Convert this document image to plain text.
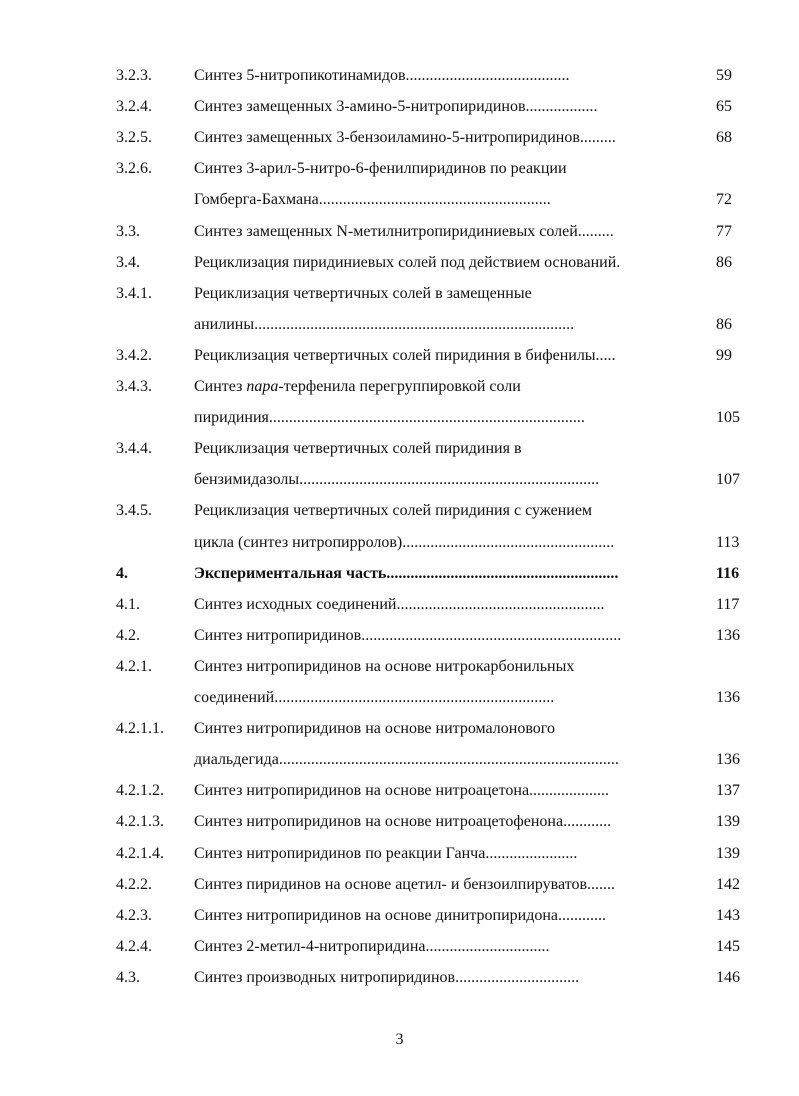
3.2.3.	Синтез 5-нитропикотинамидов.........................................	59
3.2.4.	Синтез замещенных 3-амино-5-нитропиридинов..................	65
3.2.5.	Синтез замещенных 3-бензоиламино-5-нитропиридинов.........	68
3.2.6.	Синтез 3-арил-5-нитро-6-фенилпиридинов по реакции
Гомберга-Бахмана..........................................................	72
3.3.	Синтез замещенных N-метилнитропиридиниевых солей.........	77
3.4.	Рециклизация пиридиниевых солей под действием оснований.	86
3.4.1.	Рециклизация четвертичных солей в замещенные
анилины................................................................................	86
3.4.2.	Рециклизация четвертичных солей пиридиния в бифенилы.....	99
3.4.3.	Синтез пара-терфенила перегруппировкой соли
пиридиния...............................................................................	105
3.4.4.	Рециклизация четвертичных солей пиридиния в
бензимидазолы...........................................................................	107
3.4.5.	Рециклизация четвертичных солей пиридиния с сужением
цикла (синтез нитропирролов).....................................................	113
4.	Экспериментальная часть..........................................................	116
4.1.	Синтез исходных соединений....................................................	117
4.2.	Синтез нитропиридинов.................................................................	136
4.2.1.	Синтез нитропиридинов на основе нитрокарбонильных
соединений......................................................................	136
4.2.1.1. Синтез нитропиридинов на основе нитромалонового
диальдегида.....................................................................................	136
4.2.1.2. Синтез нитропиридинов на основе нитроацетона....................	137
4.2.1.3. Синтез нитропиридинов на основе нитроацетофенона............	139
4.2.1.4. Синтез нитропиридинов по реакции Ганча.......................	139
4.2.2.	Синтез пиридинов на основе ацетил- и бензоилпируватов.......	142
4.2.3.	Синтез нитропиридинов на основе динитропиридона............	143
4.2.4.	Синтез 2-метил-4-нитропиридина...............................	145
4.3.	Синтез производных нитропиридинов...............................	146
3
